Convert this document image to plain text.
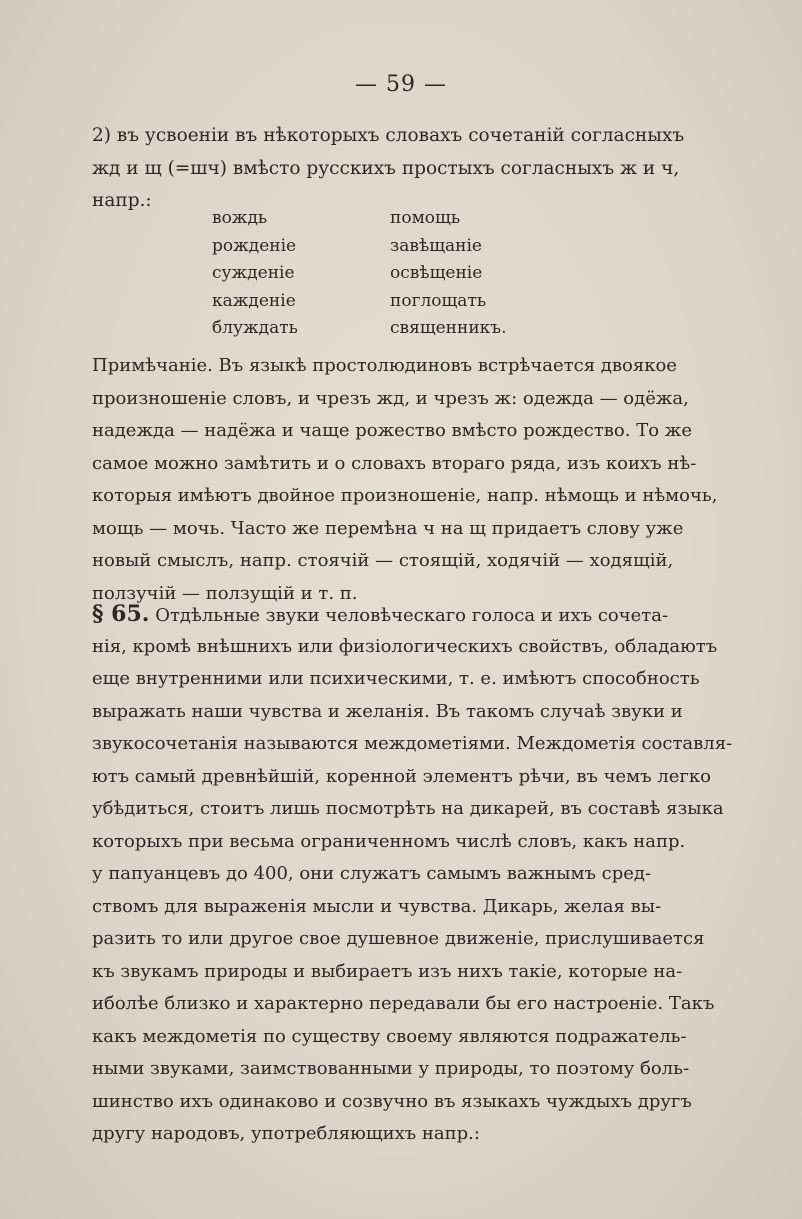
— 59 —
2) въ усвоеніи въ нѣкоторыхъ словахъ сочетаній согласныхъ
жд и щ (=шч) вмѣсто русскихъ простыхъ согласныхъ ж и ч,
напр.:
вождь	помощь
рожденіе	завѣщаніе
сужденіе	освѣщеніе
кажденіе	поглощать
блуждать	священникъ.
Примѣчаніе. Въ языкѣ простолюдиновъ встрѣчается двоякое
произношеніе словъ, и чрезъ жд, и чрезъ ж: одежда — одёжа,
надежда — надёжа и чаще рожество вмѣсто рождество. То же
самое можно замѣтить и о словахъ втораго ряда, изъ коихъ нѣ-
которыя имѣютъ двойное произношеніе, напр. нѣмощь и нѣмочь,
мощь — мочь. Часто же перемѣна ч на щ придаетъ слову уже
новый смыслъ, напр. стоячій — стоящій, ходячій — ходящій,
ползучій — ползущій и т. п.
§ 65. Отдѣльные звуки человѣческаго голоса и ихъ сочета-
нія, кромѣ внѣшнихъ или физіологическихъ свойствъ, обладаютъ
еще внутренними или психическими, т. е. имѣютъ способность
выражать наши чувства и желанія. Въ такомъ случаѣ звуки и
звукосочетанія называются междометіями. Междометія составля-
ютъ самый древнѣйшій, коренной элементъ рѣчи, въ чемъ легко
убѣдиться, стоитъ лишь посмотрѣть на дикарей, въ составѣ языка
которыхъ при весьма ограниченномъ числѣ словъ, какъ напр.
у папуанцевъ до 400, они служатъ самымъ важнымъ сред-
ствомъ для выраженія мысли и чувства. Дикарь, желая вы-
разить то или другое свое душевное движеніе, прислушивается
къ звукамъ природы и выбираетъ изъ нихъ такіе, которые на-
иболѣе близко и характерно передавали бы его настроеніе. Такъ
какъ междометія по существу своему являются подражатель-
ными звуками, заимствованными у природы, то поэтому боль-
шинство ихъ одинаково и созвучно въ языкахъ чуждыхъ другъ
другу народовъ, употребляющихъ напр.:
